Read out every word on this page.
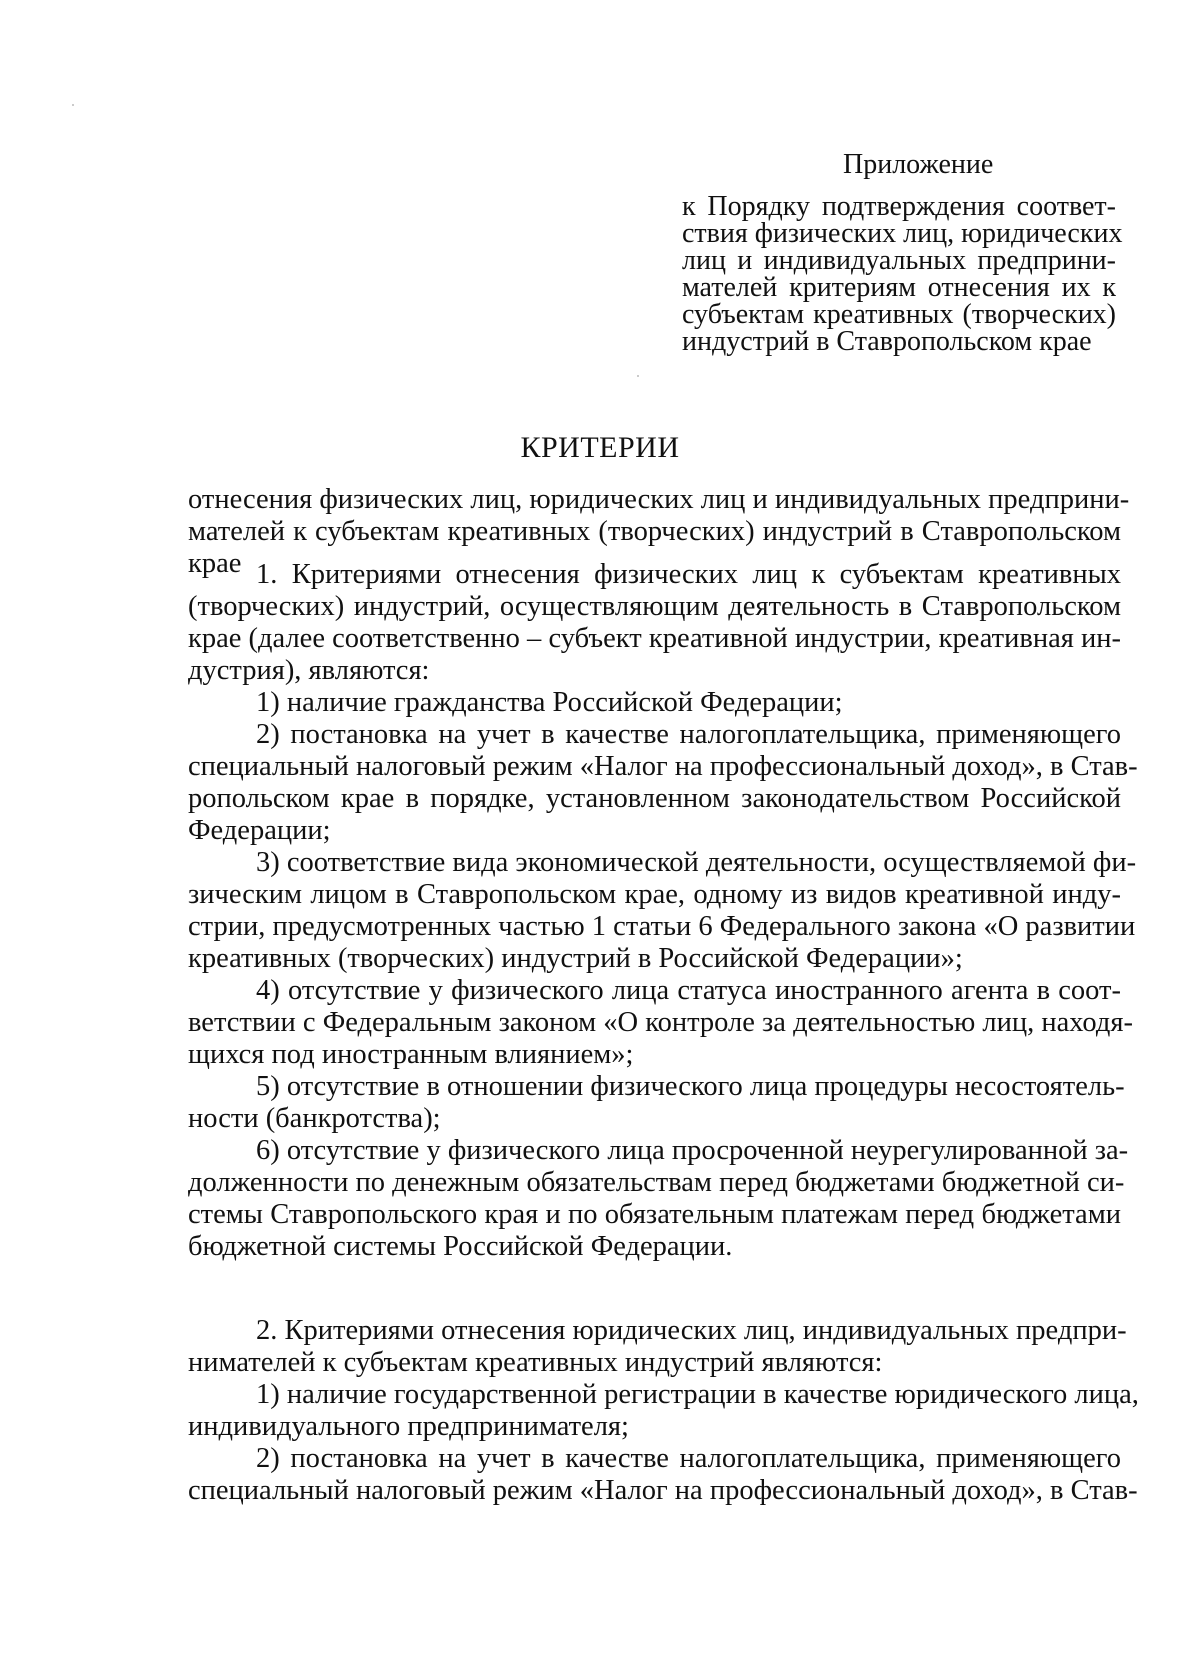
Приложение
к Порядку подтверждения соответ-
ствия физических лиц, юридических
лиц и индивидуальных предприни-
мателей критериям отнесения их к
субъектам креативных (творческих)
индустрий в Ставропольском крае
КРИТЕРИИ
отнесения физических лиц, юридических лиц и индивидуальных предприни-
мателей к субъектам креативных (творческих) индустрий в Ставропольском
крае 1. Критериями отнесения физических лиц к субъектам креативных
(творческих) индустрий, осуществляющим деятельность в Ставропольском
крае (далее соответственно – субъект креативной индустрии, креативная ин-
дустрия), являются:
1) наличие гражданства Российской Федерации;
2) постановка на учет в качестве налогоплательщика, применяющего
специальный налоговый режим «Налог на профессиональный доход», в Став-
ропольском крае в порядке, установленном законодательством Российской
Федерации;
3) соответствие вида экономической деятельности, осуществляемой фи-
зическим лицом в Ставропольском крае, одному из видов креативной инду-
стрии, предусмотренных частью 1 статьи 6 Федерального закона «О развитии
креативных (творческих) индустрий в Российской Федерации»;
4) отсутствие у физического лица статуса иностранного агента в соот-
ветствии с Федеральным законом «О контроле за деятельностью лиц, находя-
щихся под иностранным влиянием»;
5) отсутствие в отношении физического лица процедуры несостоятель-
ности (банкротства);
6) отсутствие у физического лица просроченной неурегулированной за-
долженности по денежным обязательствам перед бюджетами бюджетной си-
стемы Ставропольского края и по обязательным платежам перед бюджетами
бюджетной системы Российской Федерации.
2. Критериями отнесения юридических лиц, индивидуальных предпри-
нимателей к субъектам креативных индустрий являются:
1) наличие государственной регистрации в качестве юридического лица,
индивидуального предпринимателя;
2) постановка на учет в качестве налогоплательщика, применяющего
специальный налоговый режим «Налог на профессиональный доход», в Став-
